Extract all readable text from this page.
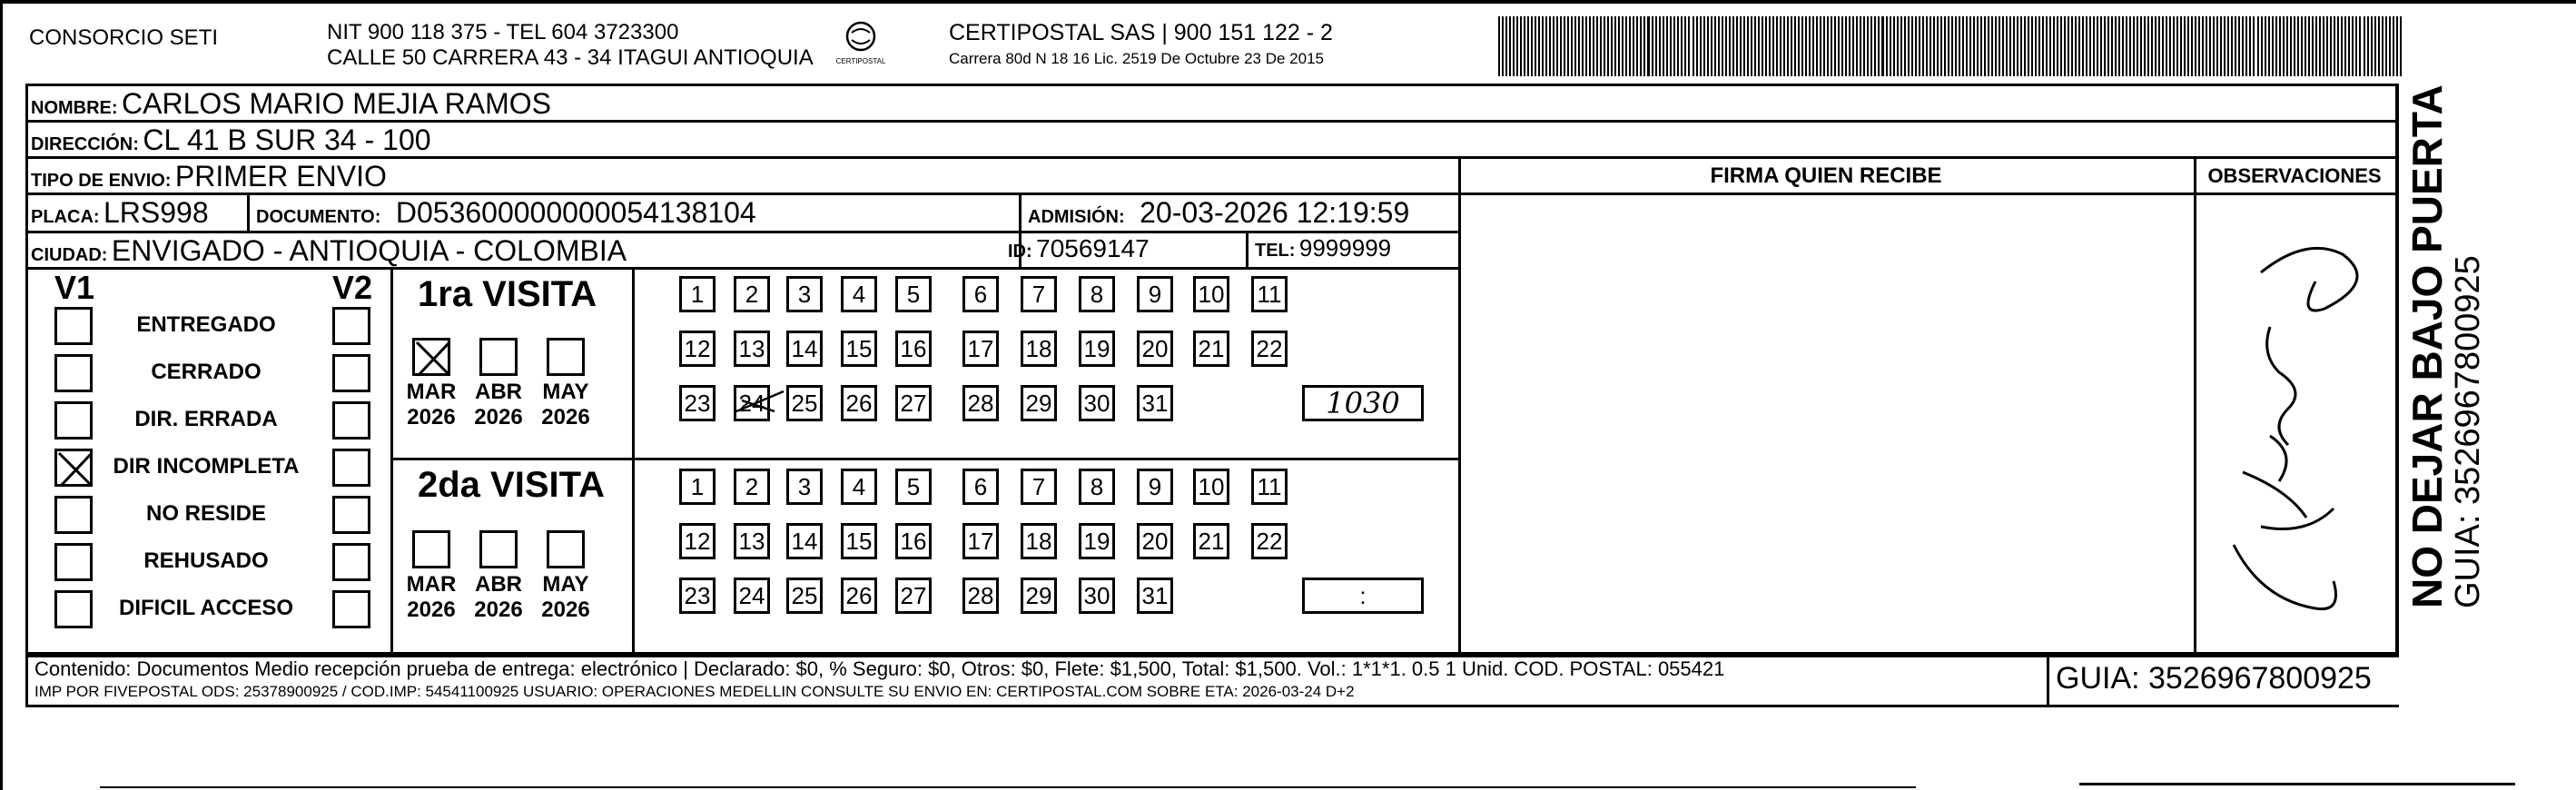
CONSORCIO SETI	NIT 900 118 375 - TEL 604 3723300
CALLE 50 CARRERA 43 - 34 ITAGUI ANTIOQUIA	CERTIPOSTAL
CERTIPOSTAL SAS | 900 151 122 - 2
Carrera 80d N 18 16 Lic. 2519 De Octubre 23 De 2015
NOMBRE: CARLOS MARIO MEJIA RAMOS
DIRECCIÓN: CL 41 B SUR 34 - 100
TIPO DE ENVIO: PRIMER ENVIO	FIRMA QUIEN RECIBE	OBSERVACIONES
PLACA: LRS998	DOCUMENTO: D053600000000054138104	ADMISIÓN: 20-03-2026 12:19:59
CIUDAD: ENVIGADO - ANTIOQUIA - COLOMBIA	ID: 70569147	TEL: 9999999
V1	V2
ENTREGADO
CERRADO
DIR. ERRADA
DIR INCOMPLETA
NO RESIDE
REHUSADO
DIFICIL ACCESO
1ra VISITA
2da VISITA
MAR
2026
ABR
2026
MAY
2026
1	2	3	4	5	6	7	8	9	10 11
12 13 14 15 16 17 18 19 20 21 22
23 24 25 26 27 28 29 30 31	1030
MAR
2026
ABR
2026
MAY
2026
1	2	3	4	5	6	7	8	9	10 11
12 13 14 15 16 17 18 19 20 21 22
23 24 25 26 27 28 29 30 31	:
Contenido: Documentos Medio recepción prueba de entrega: electrónico | Declarado: $0, % Seguro: $0, Otros: $0, Flete: $1,500, Total: $1,500. Vol.: 1*1*1. 0.5 1 Unid. COD. POSTAL: 055421
IMP POR FIVEPOSTAL ODS: 25378900925 / COD.IMP: 54541100925 USUARIO: OPERACIONES MEDELLIN CONSULTE SU ENVIO EN: CERTIPOSTAL.COM SOBRE ETA: 2026-03-24 D+2	GUIA: 3526967800925
NO DEJAR BAJO PUERTA
GUIA: 3526967800925
